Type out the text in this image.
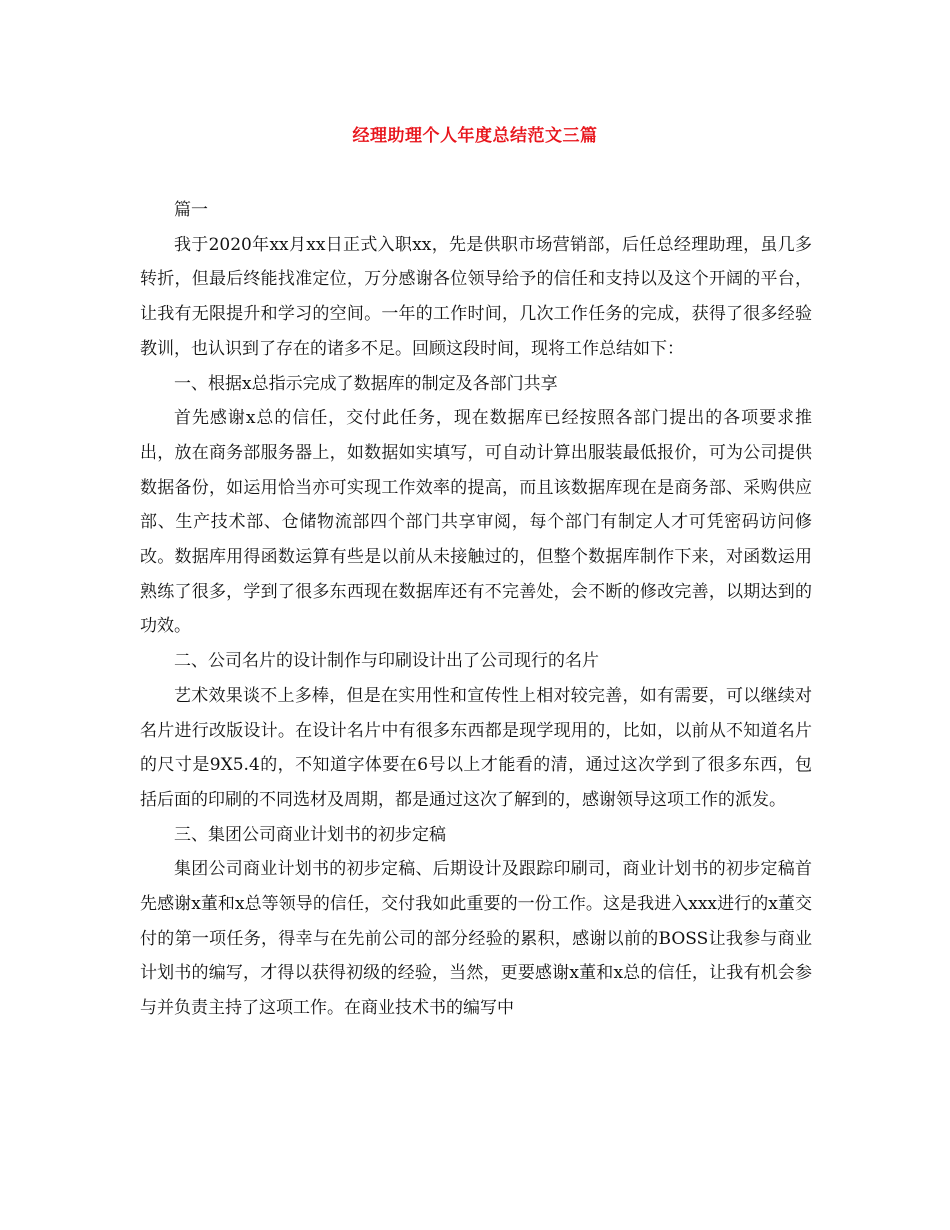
经理助理个人年度总结范文三篇

篇一

我于2020年xx月xx日正式入职xx，先是供职市场营销部，后任总经理助理，虽几多转折，但最后终能找准定位，万分感谢各位领导给予的信任和支持以及这个开阔的平台，让我有无限提升和学习的空间。一年的工作时间，几次工作任务的完成，获得了很多经验教训，也认识到了存在的诸多不足。回顾这段时间，现将工作总结如下：

一、根据x总指示完成了数据库的制定及各部门共享

首先感谢x总的信任，交付此任务，现在数据库已经按照各部门提出的各项要求推出，放在商务部服务器上，如数据如实填写，可自动计算出服装最低报价，可为公司提供数据备份，如运用恰当亦可实现工作效率的提高，而且该数据库现在是商务部、采购供应部、生产技术部、仓储物流部四个部门共享审阅，每个部门有制定人才可凭密码访问修改。数据库用得函数运算有些是以前从未接触过的，但整个数据库制作下来，对函数运用熟练了很多，学到了很多东西现在数据库还有不完善处，会不断的修改完善，以期达到的功效。

二、公司名片的设计制作与印刷设计出了公司现行的名片

艺术效果谈不上多棒，但是在实用性和宣传性上相对较完善，如有需要，可以继续对名片进行改版设计。在设计名片中有很多东西都是现学现用的，比如，以前从不知道名片的尺寸是9X5.4的，不知道字体要在6号以上才能看的清，通过这次学到了很多东西，包括后面的印刷的不同选材及周期，都是通过这次了解到的，感谢领导这项工作的派发。

三、集团公司商业计划书的初步定稿

集团公司商业计划书的初步定稿、后期设计及跟踪印刷司，商业计划书的初步定稿首先感谢x董和x总等领导的信任，交付我如此重要的一份工作。这是我进入xxx进行的x董交付的第一项任务，得幸与在先前公司的部分经验的累积，感谢以前的BOSS让我参与商业计划书的编写，才得以获得初级的经验，当然，更要感谢x董和x总的信任，让我有机会参与并负责主持了这项工作。在商业技术书的编写中
